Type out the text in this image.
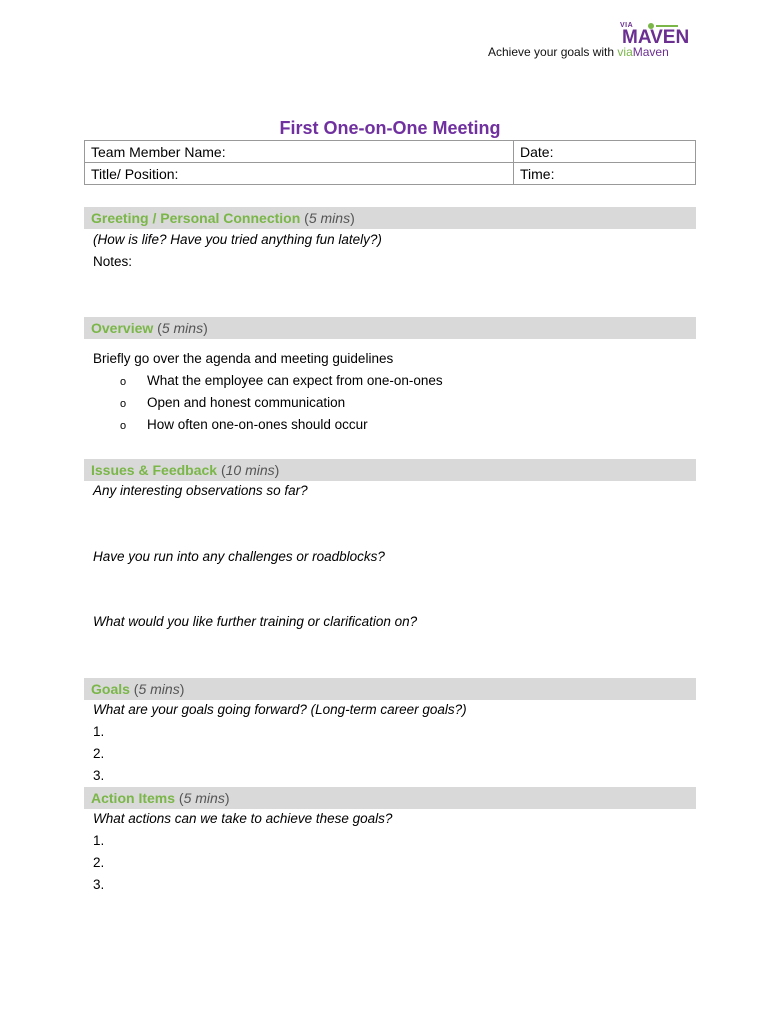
VIA
MAVEN
Achieve your goals with viaMaven
First One-on-One Meeting
Team Member Name:	Date:
Title/ Position:	Time:
Greeting / Personal Connection (5 mins)
(How is life? Have you tried anything fun lately?)
Notes:
Overview (5 mins)
Briefly go over the agenda and meeting guidelines
o What the employee can expect from one-on-ones
o Open and honest communication
o How often one-on-ones should occur
Issues & Feedback (10 mins)
Any interesting observations so far?
Have you run into any challenges or roadblocks?
What would you like further training or clarification on?
Goals (5 mins)
What are your goals going forward? (Long-term career goals?)
1.
2.
3.
Action Items (5 mins)
What actions can we take to achieve these goals?
1.
2.
3.
